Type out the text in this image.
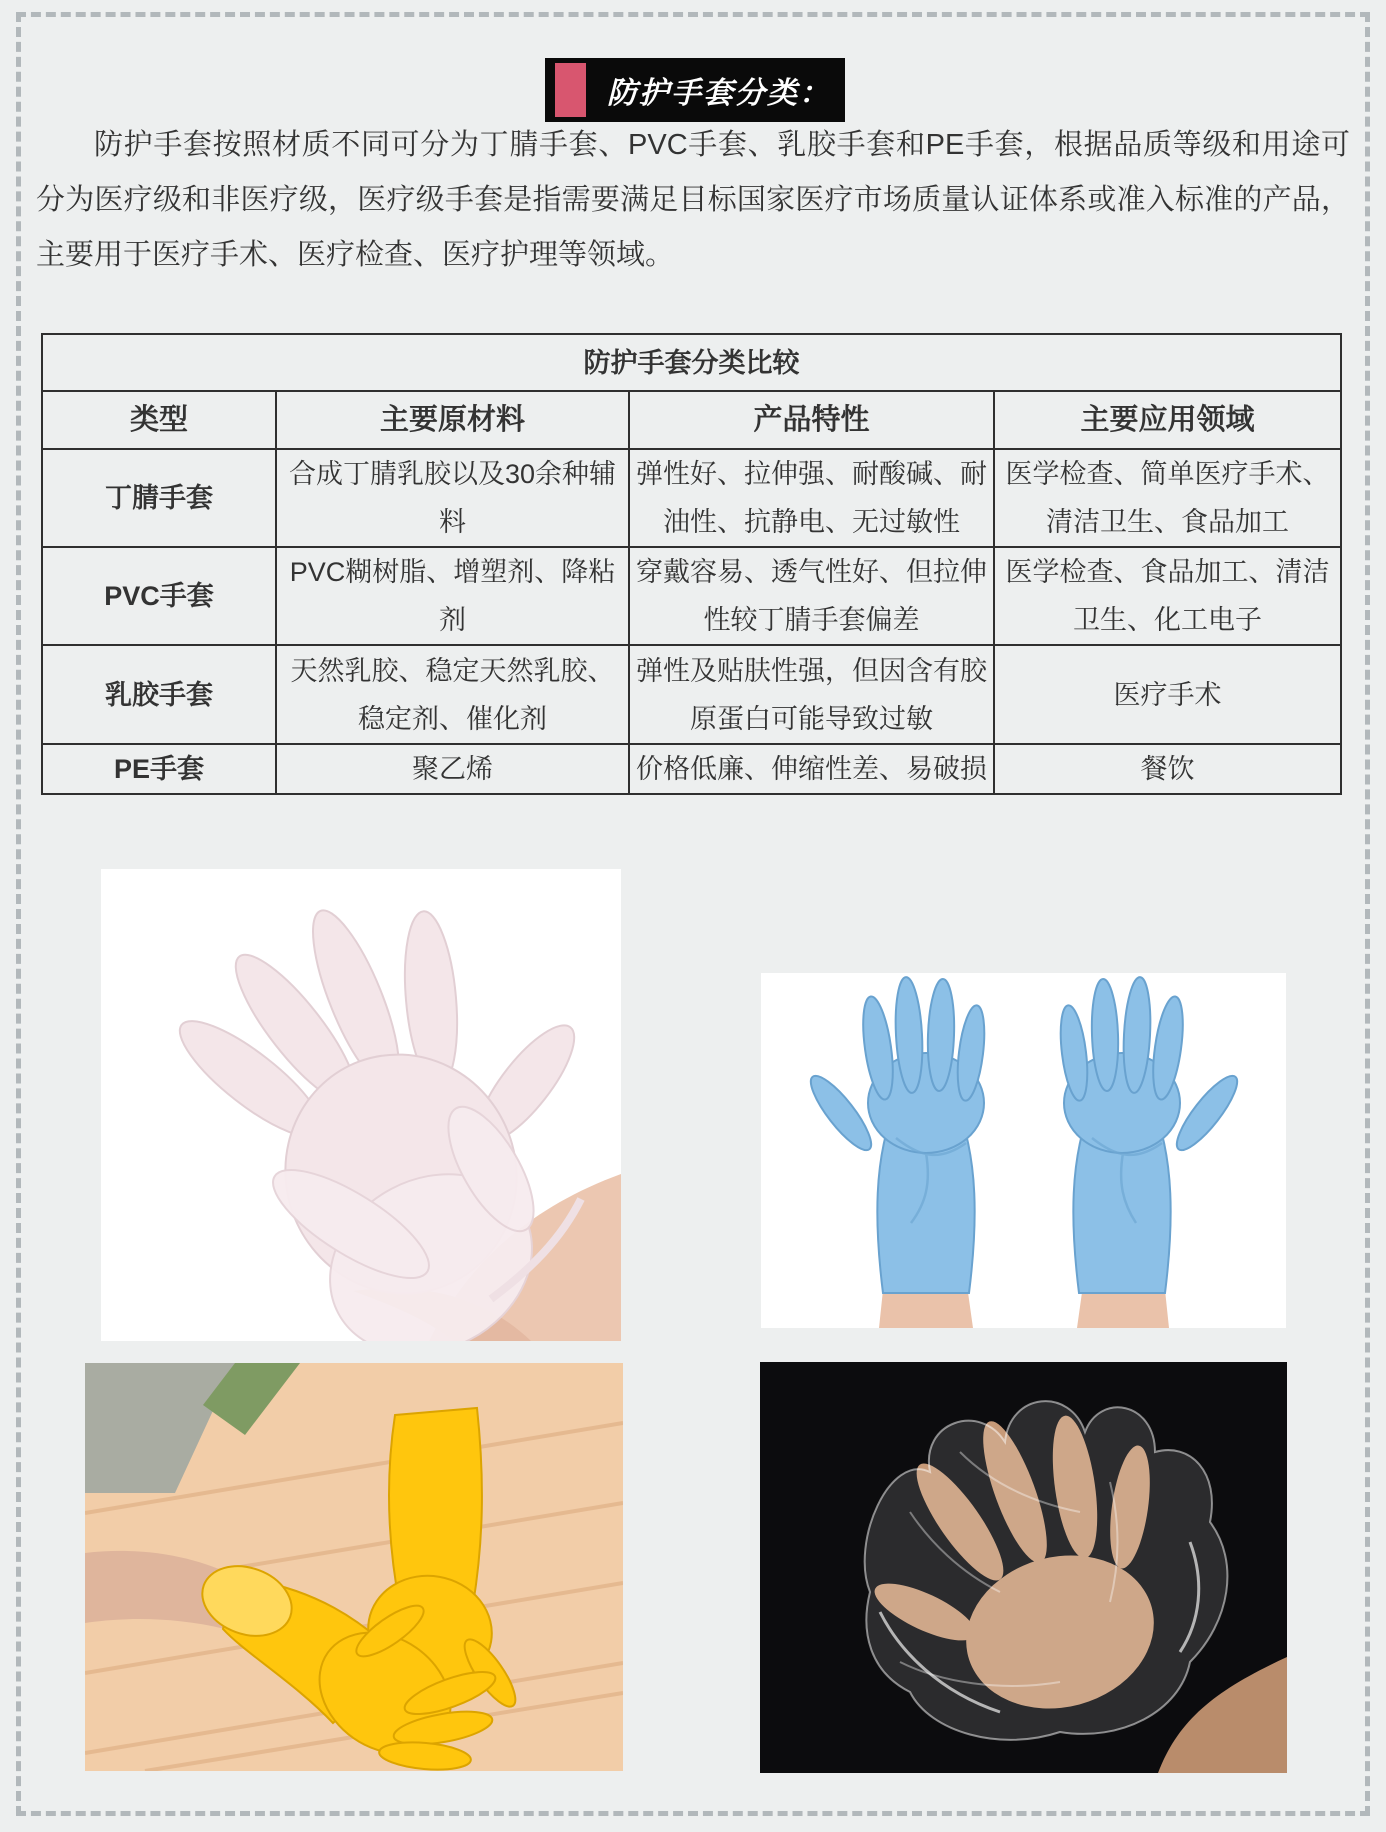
防护手套分类：

防护手套按照材质不同可分为丁腈手套、PVC手套、乳胶手套和PE手套，根据品质等级和用途可分为医疗级和非医疗级，医疗级手套是指需要满足目标国家医疗市场质量认证体系或准入标准的产品，主要用于医疗手术、医疗检查、医疗护理等领域。

防护手套分类比较			
类型	主要原材料	产品特性	主要应用领域
丁腈手套	合成丁腈乳胶以及30余种辅料	弹性好、拉伸强、耐酸碱、耐油性、抗静电、无过敏性	医学检查、简单医疗手术、清洁卫生、食品加工
PVC手套	PVC糊树脂、增塑剂、降粘剂	穿戴容易、透气性好、但拉伸性较丁腈手套偏差	医学检查、食品加工、清洁卫生、化工电子
乳胶手套	天然乳胶、稳定天然乳胶、稳定剂、催化剂	弹性及贴肤性强，但因含有胶原蛋白可能导致过敏	医疗手术
PE手套	聚乙烯	价格低廉、伸缩性差、易破损	餐饮
